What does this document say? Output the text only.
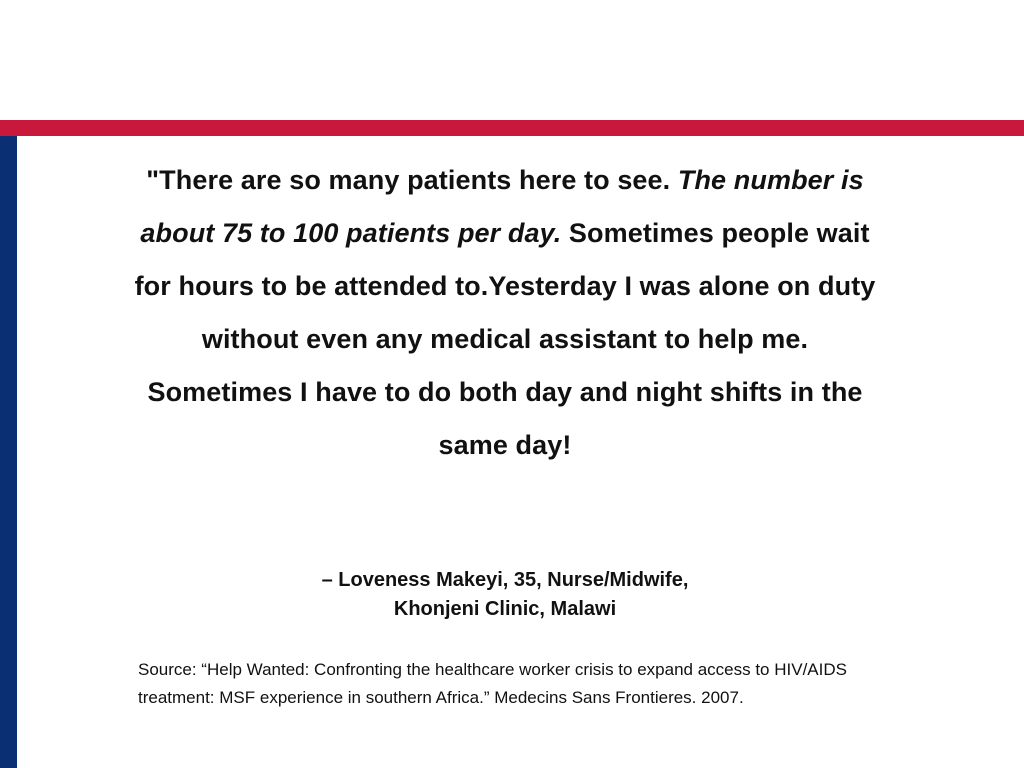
"There are so many patients here to see. The number is about 75 to 100 patients per day. Sometimes people wait for hours to be attended to.Yesterday I was alone on duty without even any medical assistant to help me. Sometimes I have to do both day and night shifts in the same day!
– Loveness Makeyi, 35, Nurse/Midwife,
Khonjeni Clinic, Malawi
Source: “Help Wanted: Confronting the healthcare worker crisis to expand access to HIV/AIDS treatment: MSF experience in southern Africa.” Medecins Sans Frontieres. 2007.
